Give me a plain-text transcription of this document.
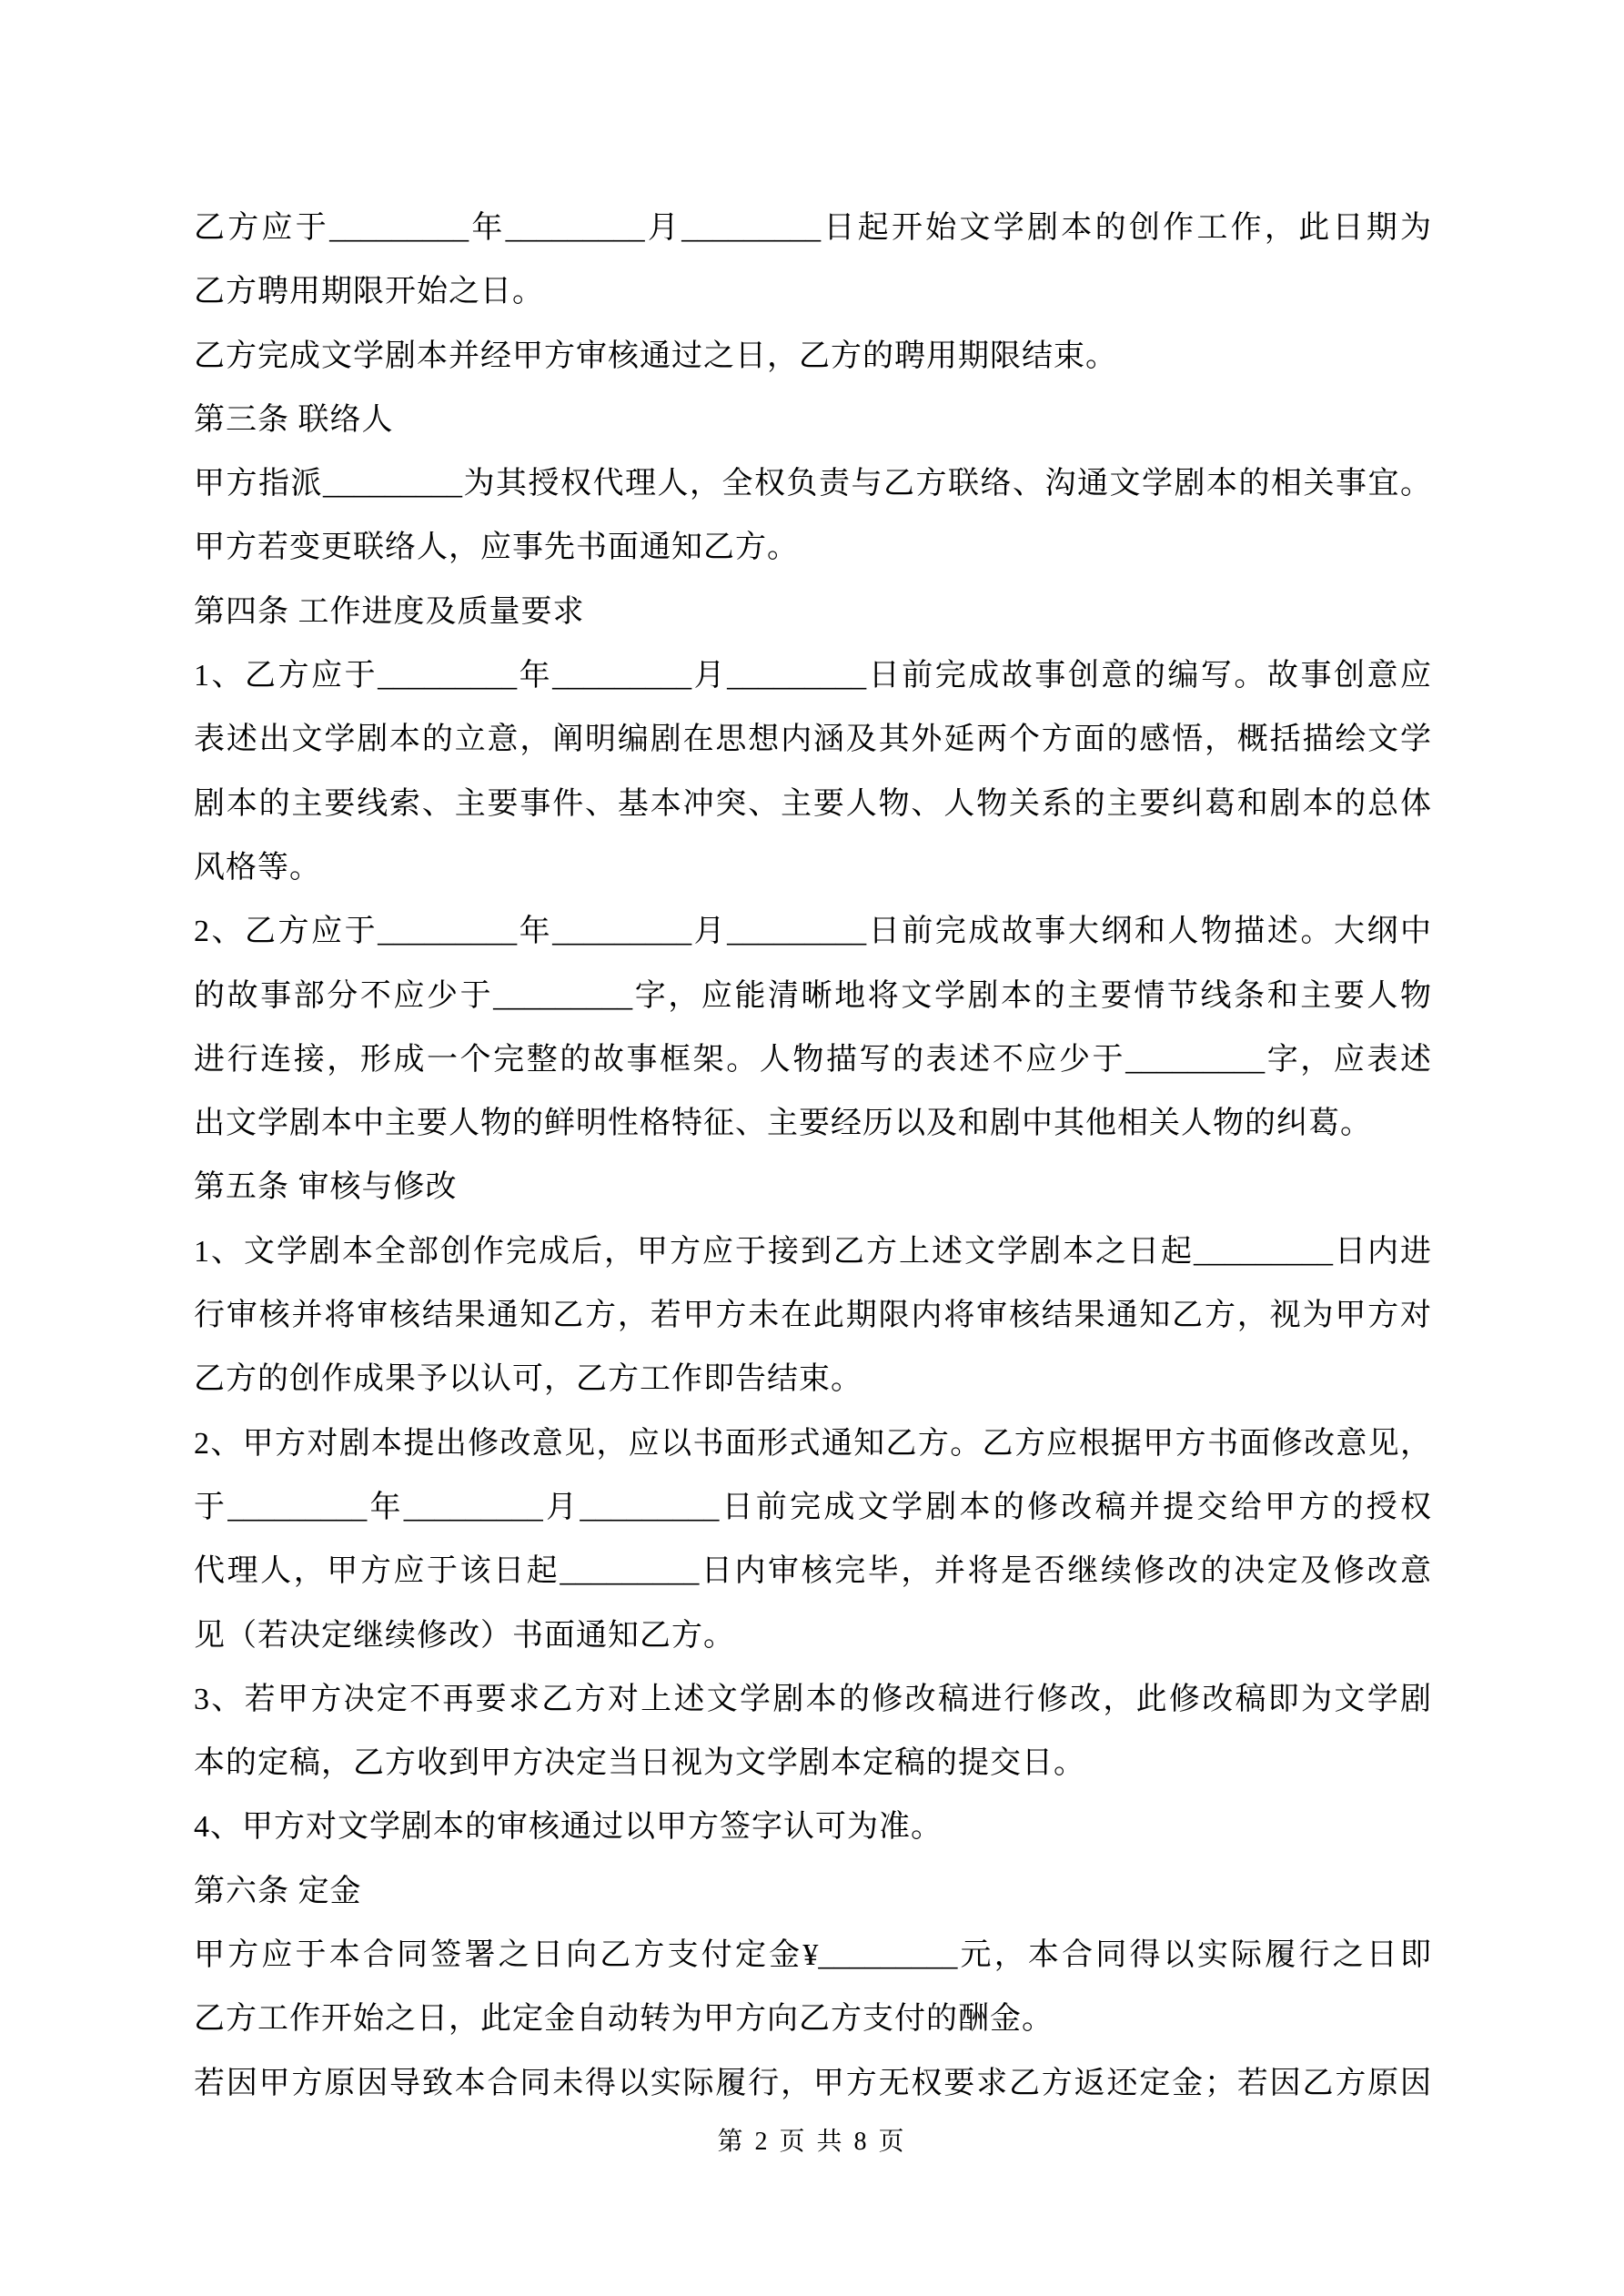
乙方应于_________年_________月_________日起开始文学剧本的创作工作，此日期为
乙方聘用期限开始之日。
乙方完成文学剧本并经甲方审核通过之日，乙方的聘用期限结束。
第三条 联络人
甲方指派_________为其授权代理人，全权负责与乙方联络、沟通文学剧本的相关事宜。
甲方若变更联络人，应事先书面通知乙方。
第四条 工作进度及质量要求
1、乙方应于_________年_________月_________日前完成故事创意的编写。故事创意应
表述出文学剧本的立意，阐明编剧在思想内涵及其外延两个方面的感悟，概括描绘文学
剧本的主要线索、主要事件、基本冲突、主要人物、人物关系的主要纠葛和剧本的总体
风格等。
2、乙方应于_________年_________月_________日前完成故事大纲和人物描述。大纲中
的故事部分不应少于_________字，应能清晰地将文学剧本的主要情节线条和主要人物
进行连接，形成一个完整的故事框架。人物描写的表述不应少于_________字，应表述
出文学剧本中主要人物的鲜明性格特征、主要经历以及和剧中其他相关人物的纠葛。
第五条 审核与修改
1、文学剧本全部创作完成后，甲方应于接到乙方上述文学剧本之日起_________日内进
行审核并将审核结果通知乙方，若甲方未在此期限内将审核结果通知乙方，视为甲方对
乙方的创作成果予以认可，乙方工作即告结束。
2、甲方对剧本提出修改意见，应以书面形式通知乙方。乙方应根据甲方书面修改意见，
于_________年_________月_________日前完成文学剧本的修改稿并提交给甲方的授权
代理人，甲方应于该日起_________日内审核完毕，并将是否继续修改的决定及修改意
见（若决定继续修改）书面通知乙方。
3、若甲方决定不再要求乙方对上述文学剧本的修改稿进行修改，此修改稿即为文学剧
本的定稿，乙方收到甲方决定当日视为文学剧本定稿的提交日。
4、甲方对文学剧本的审核通过以甲方签字认可为准。
第六条 定金
甲方应于本合同签署之日向乙方支付定金¥_________元，本合同得以实际履行之日即
乙方工作开始之日，此定金自动转为甲方向乙方支付的酬金。
若因甲方原因导致本合同未得以实际履行，甲方无权要求乙方返还定金；若因乙方原因
第 2 页 共 8 页
